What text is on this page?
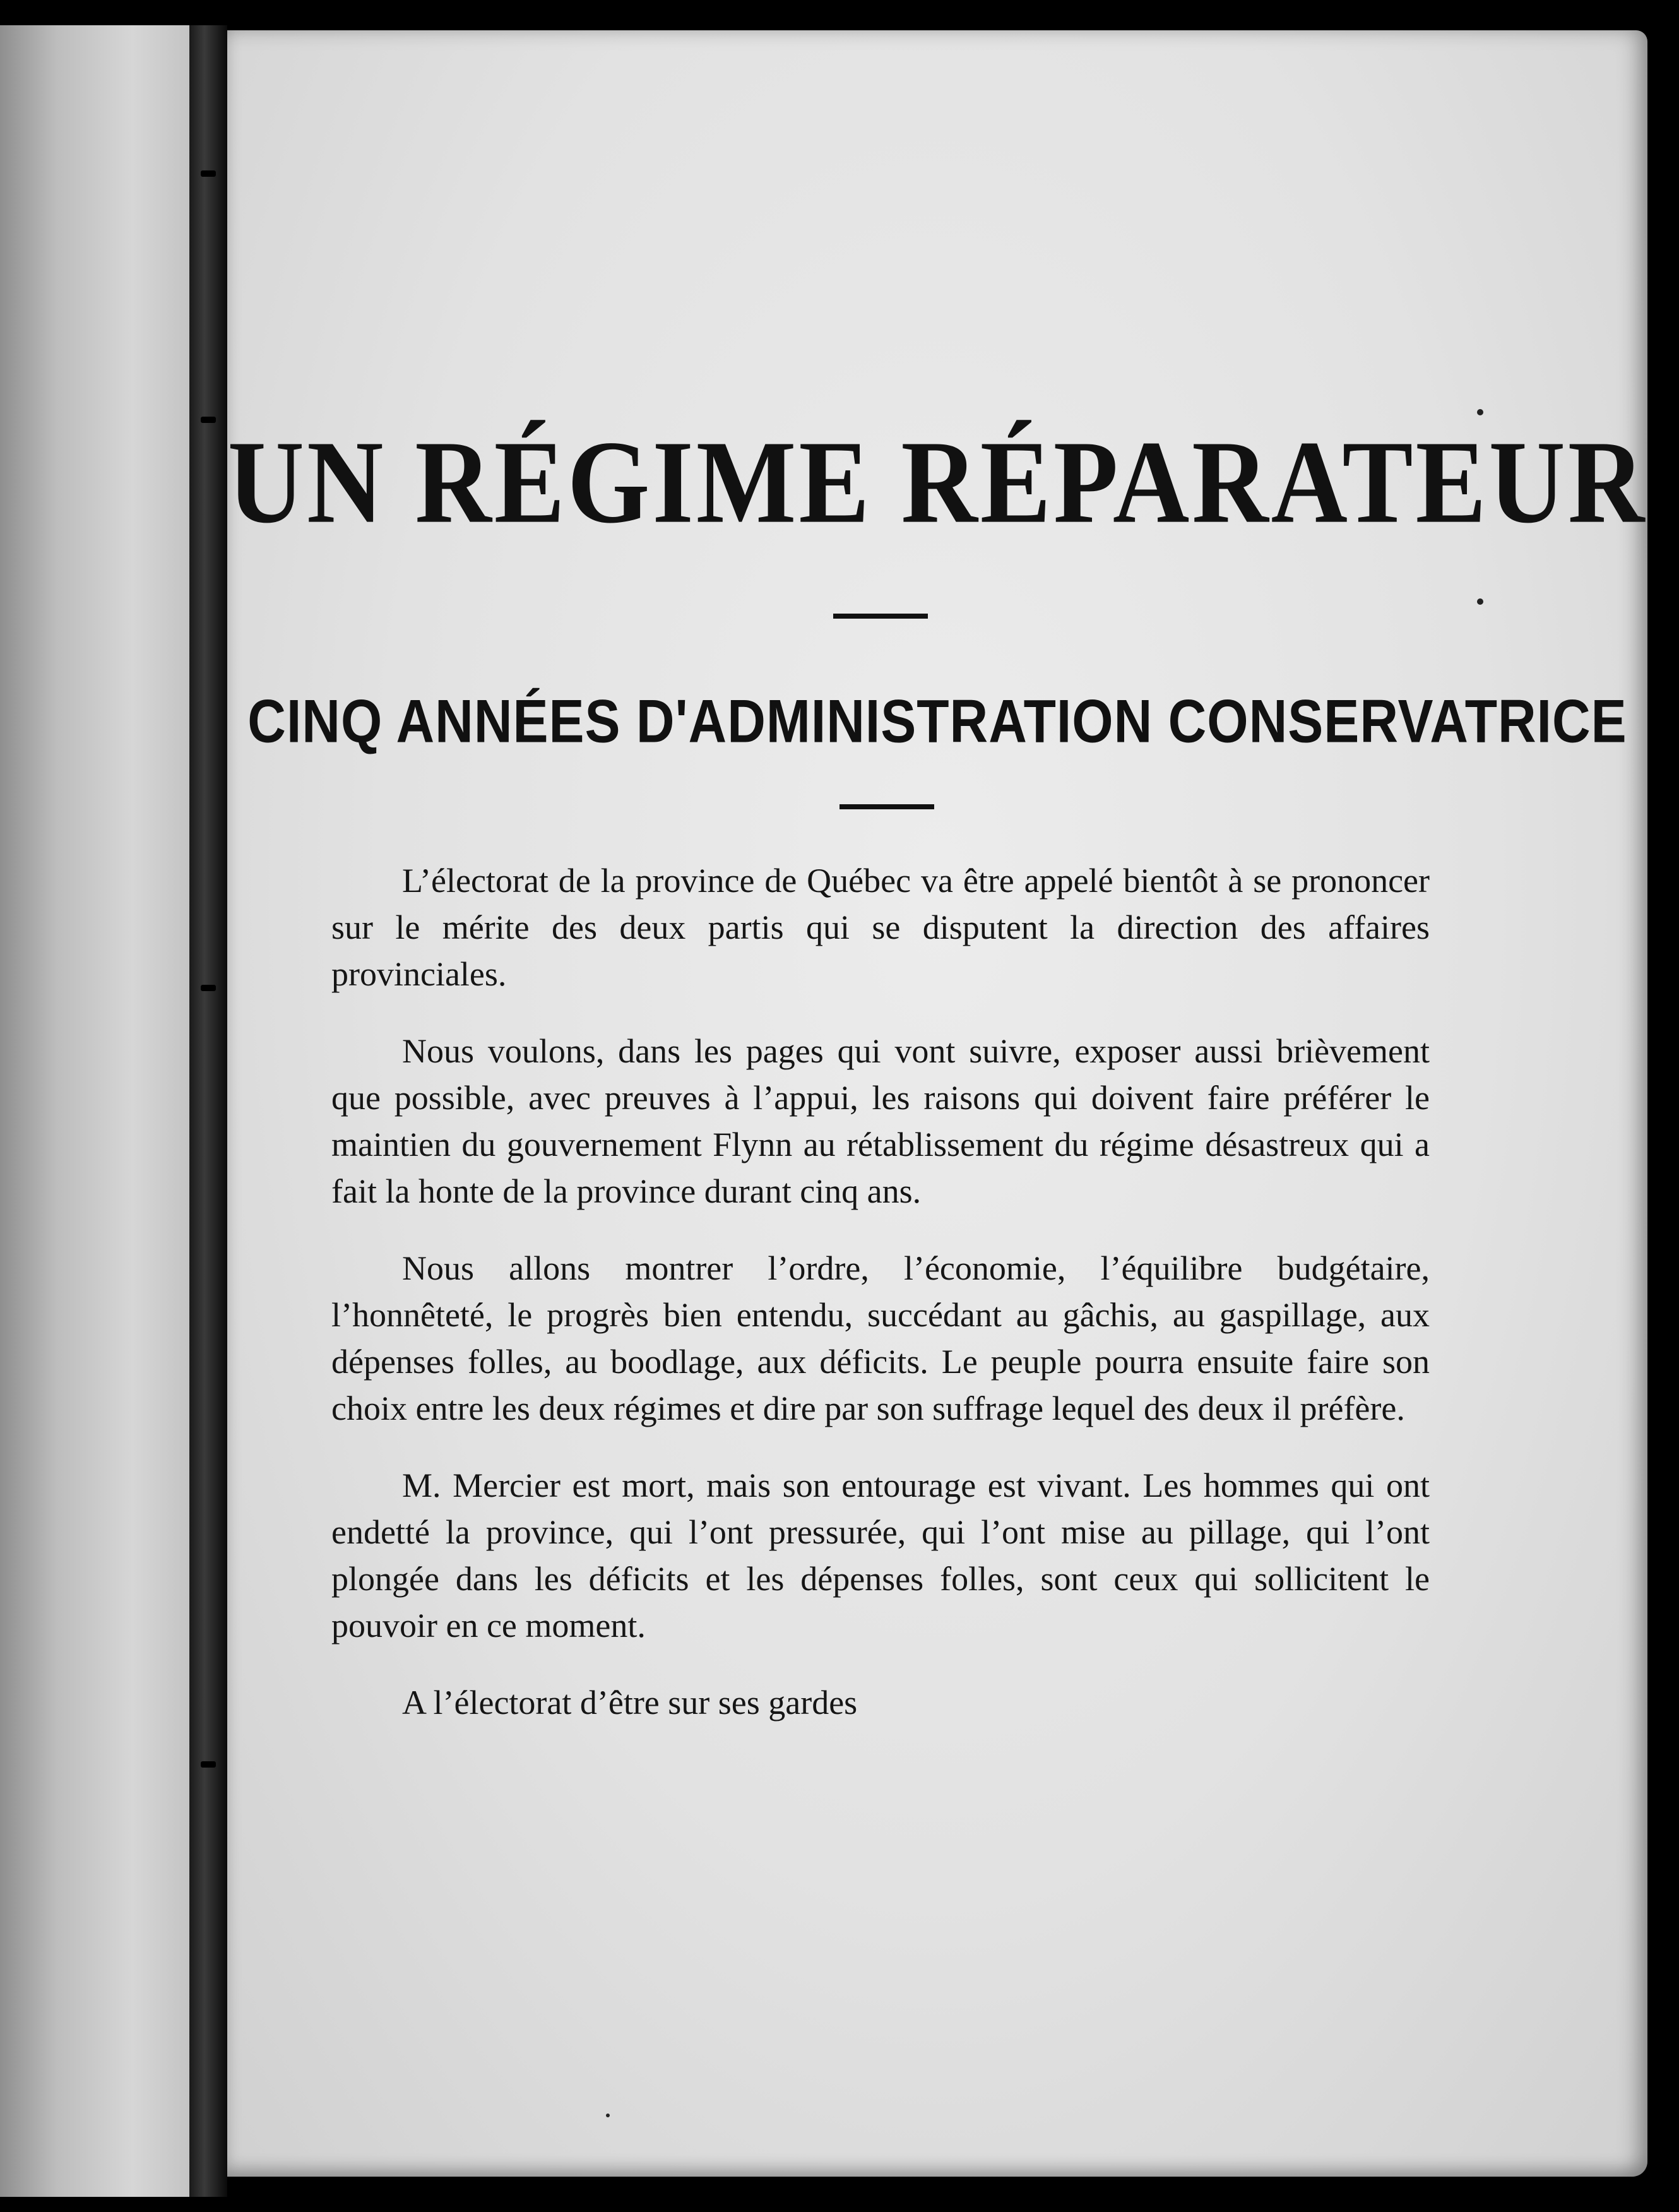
UN RÉGIME RÉPARATEUR
CINQ ANNÉES D'ADMINISTRATION CONSERVATRICE

L’électorat de la province de Québec va être appelé bientôt à se prononcer sur le mérite des deux partis qui se disputent la direction des affaires provinciales.

Nous voulons, dans les pages qui vont suivre, exposer aussi brièvement que possible, avec preuves à l’appui, les raisons qui doivent faire préférer le maintien du gouvernement Flynn au rétablissement du régime désastreux qui a fait la honte de la province durant cinq ans.

Nous allons montrer l’ordre, l’économie, l’équilibre budgétaire, l’honnêteté, le progrès bien entendu, succédant au gâchis, au gaspillage, aux dépenses folles, au boodlage, aux déficits. Le peuple pourra ensuite faire son choix entre les deux régimes et dire par son suffrage lequel des deux il préfère.

M. Mercier est mort, mais son entourage est vivant. Les hommes qui ont endetté la province, qui l’ont pressurée, qui l’ont mise au pillage, qui l’ont plongée dans les déficits et les dépenses folles, sont ceux qui sollicitent le pouvoir en ce moment.

A l’électorat d’être sur ses gardes
